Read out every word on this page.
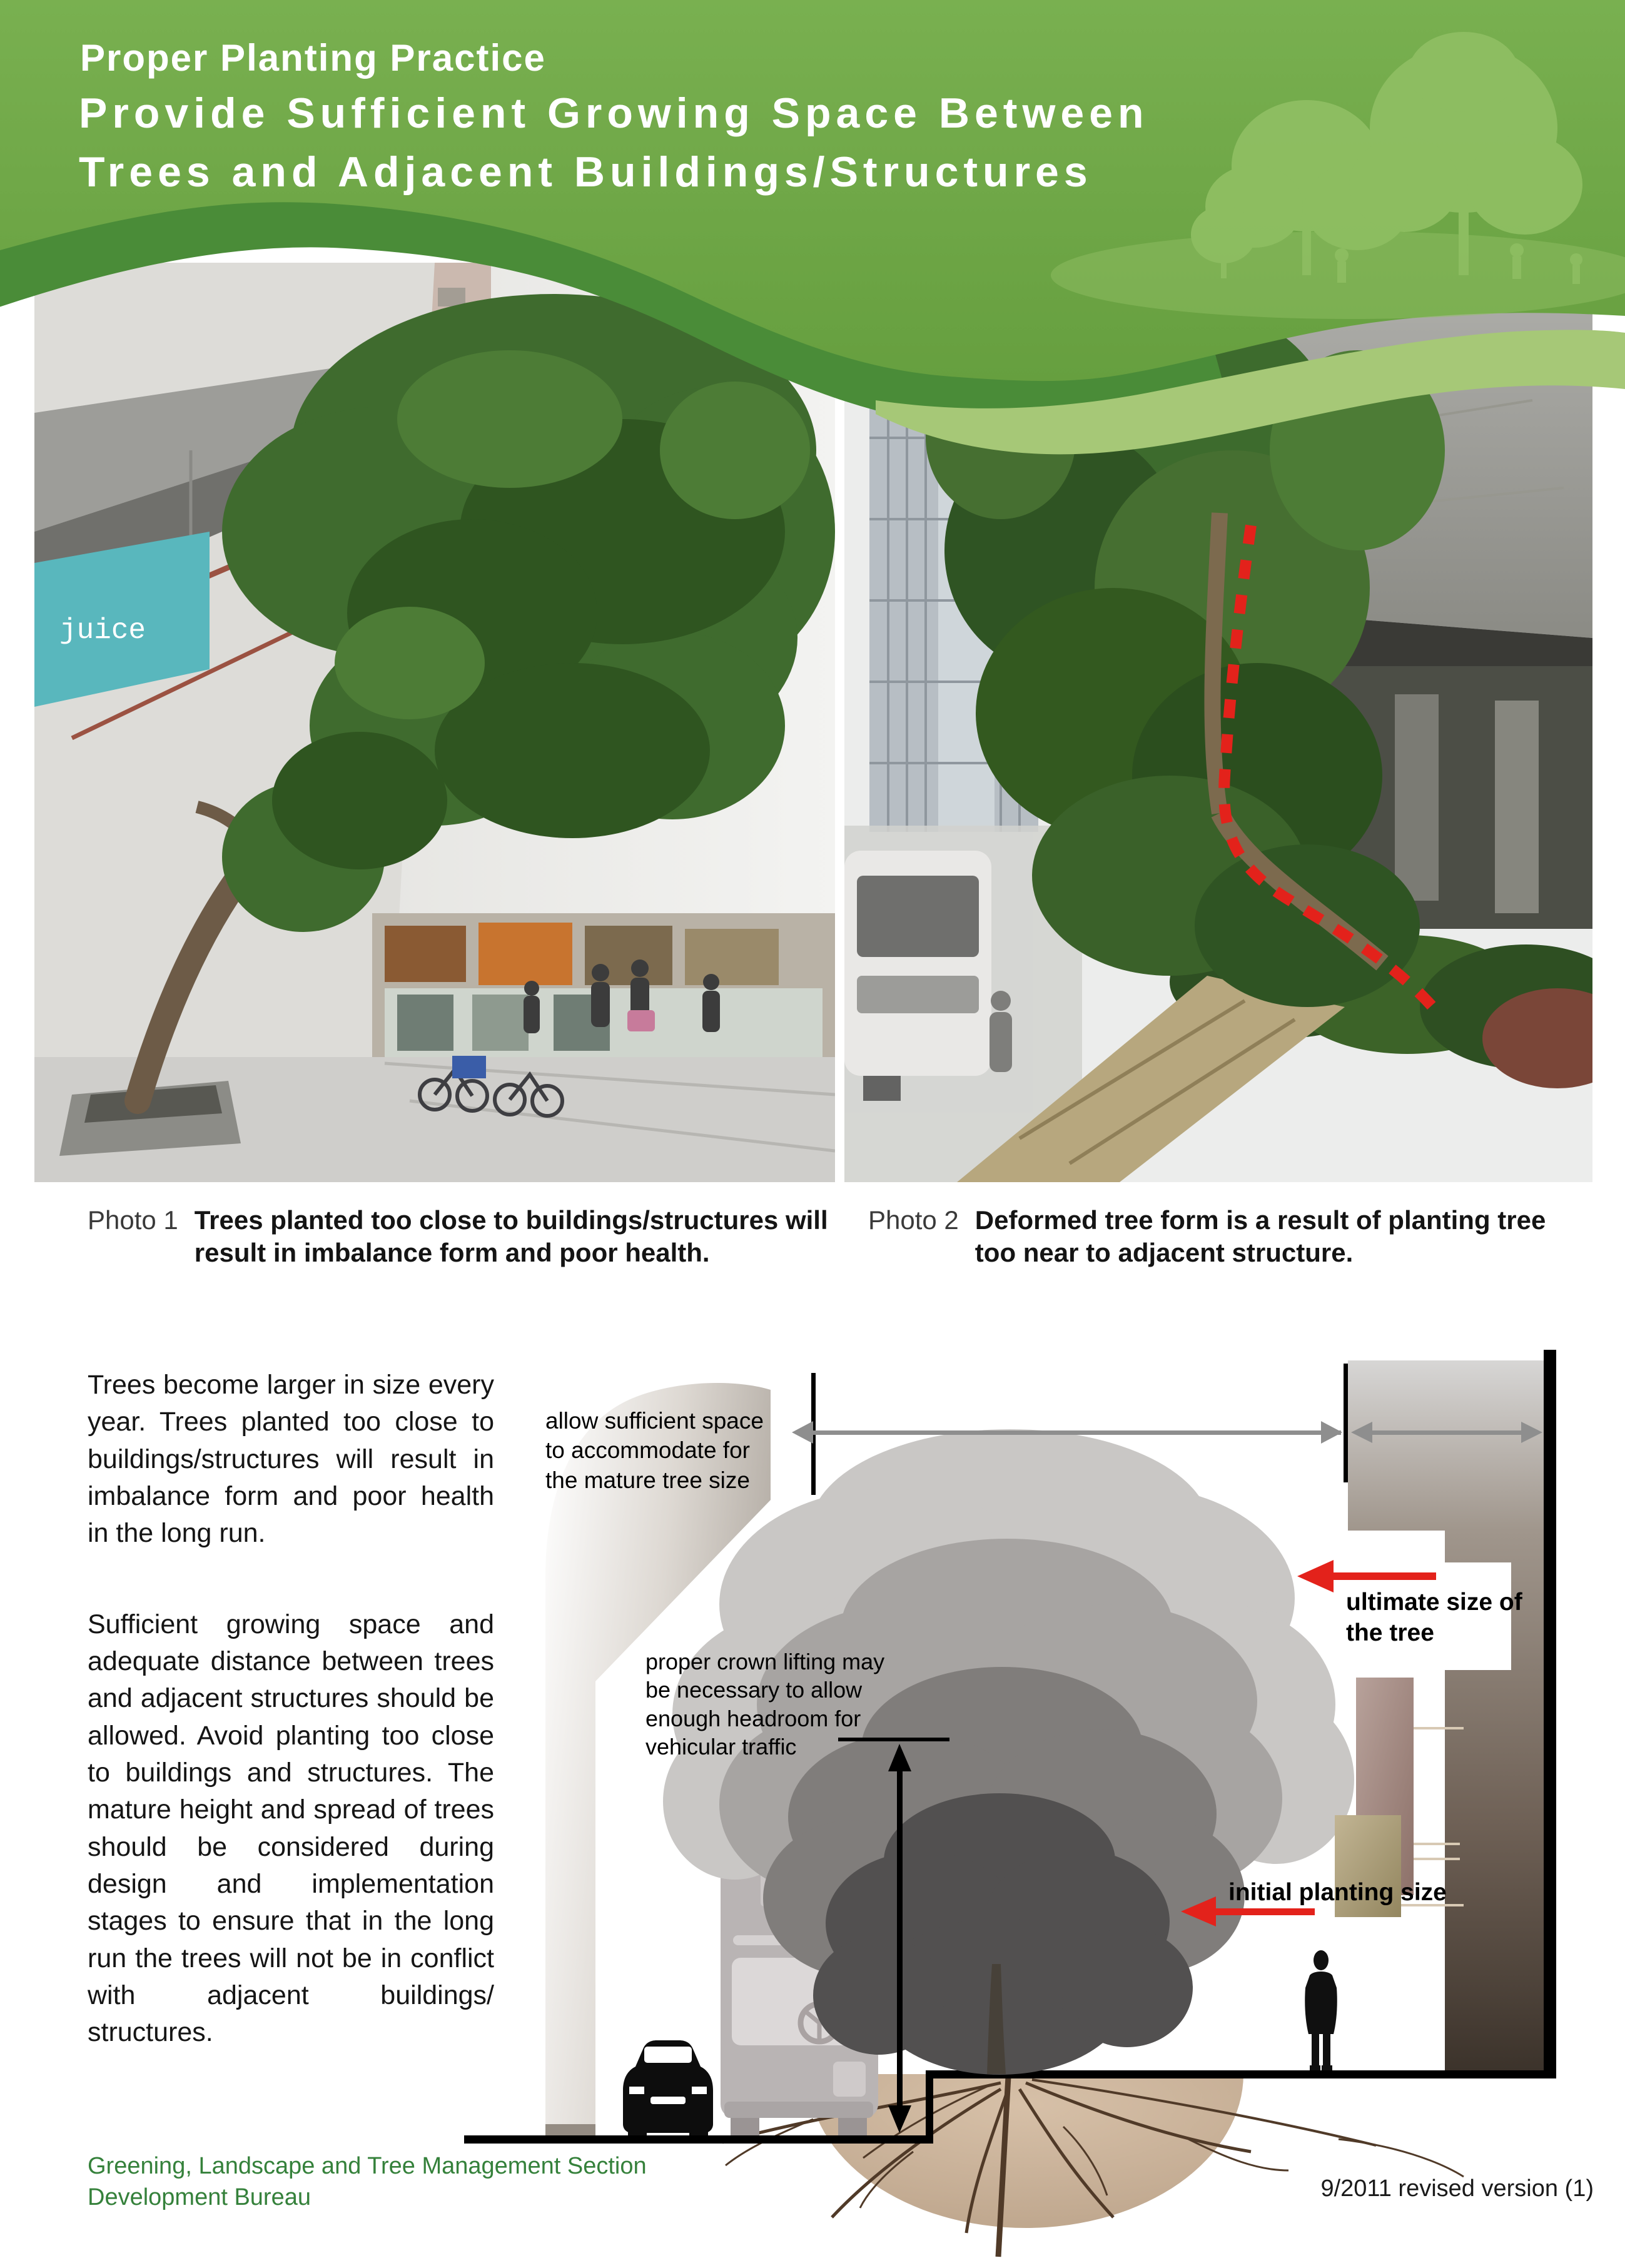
juice
Proper Planting Practice
Provide Sufficient Growing Space Between
Trees and Adjacent Buildings/Structures
Photo 1 Trees planted too close to buildings/structures will result in imbalance form and poor health.
Photo 2 Deformed tree form is a result of planting tree too near to adjacent structure.

Trees become larger in size every year. Trees planted too close to buildings/structures will result in imbalance form and poor health in the long run.

Sufficient growing space and adequate distance between trees and adjacent structures should be allowed. Avoid planting too close to buildings and structures. The mature height and spread of trees should be considered during design and implementation stages to ensure that in the long run the trees will not be in conflict with adjacent buildings/ structures.

allow sufficient space to accommodate for the mature tree size
proper crown lifting may be necessary to allow enough headroom for vehicular traffic
ultimate size of the tree
initial planting size
Greening, Landscape and Tree Management Section
Development Bureau	9/2011 revised version (1)
